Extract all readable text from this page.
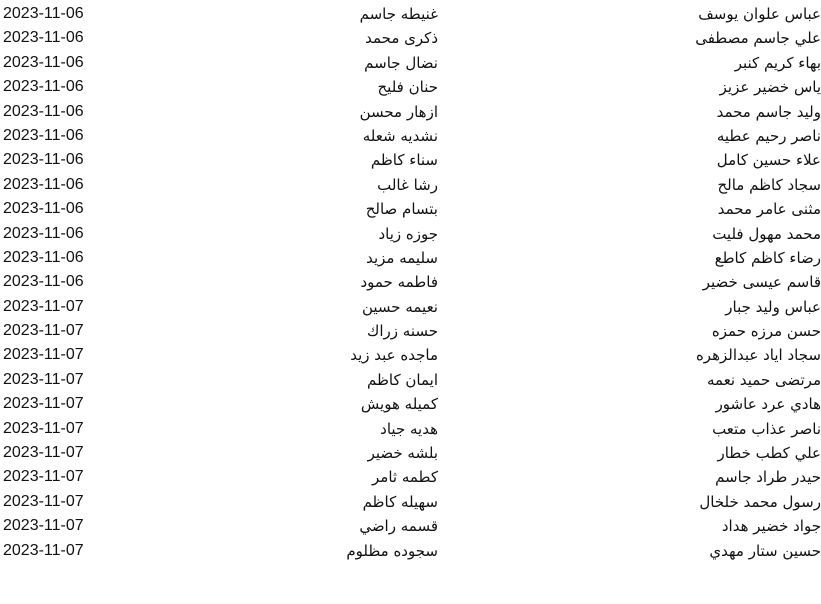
2023-11-06	غنيطه جاسم	عباس علوان يوسف
2023-11-06	ذكرى محمد	علي جاسم مصطفى
2023-11-06	نضال جاسم	بهاء كريم كنبر
2023-11-06	حنان فليح	ياس خضير عزيز
2023-11-06	ازهار محسن	وليد جاسم محمد
2023-11-06	نشديه شعله	ناصر رحيم عطيه
2023-11-06	سناء كاظم	علاء حسين كامل
2023-11-06	رشا غالب	سجاد كاظم مالح
2023-11-06	بتسام صالح	مثنى عامر محمد
2023-11-06	جوزه زياد	محمد مهول فليت
2023-11-06	سليمه مزيد	رضاء كاظم كاطع
2023-11-06	فاطمه حمود	قاسم عيسى خضير
2023-11-07	نعيمه حسين	عباس وليد جبار
2023-11-07	حسنه زراك	حسن مرزه حمزه
2023-11-07	ماجده عبد زيد	سجاد اياد عبدالزهره
2023-11-07	ايمان كاظم	مرتضى حميد نعمه
2023-11-07	كميله هويش	هادي عرد عاشور
2023-11-07	هديه جياد	ناصر عذاب متعب
2023-11-07	بلشه خضير	علي كطب خطار
2023-11-07	كطمه ثامر	حيدر طراد جاسم
2023-11-07	سهيله كاظم	رسول محمد خلخال
2023-11-07	قسمه راضي	جواد خضير هداد
2023-11-07	سجوده مظلوم	حسين ستار مهدي
